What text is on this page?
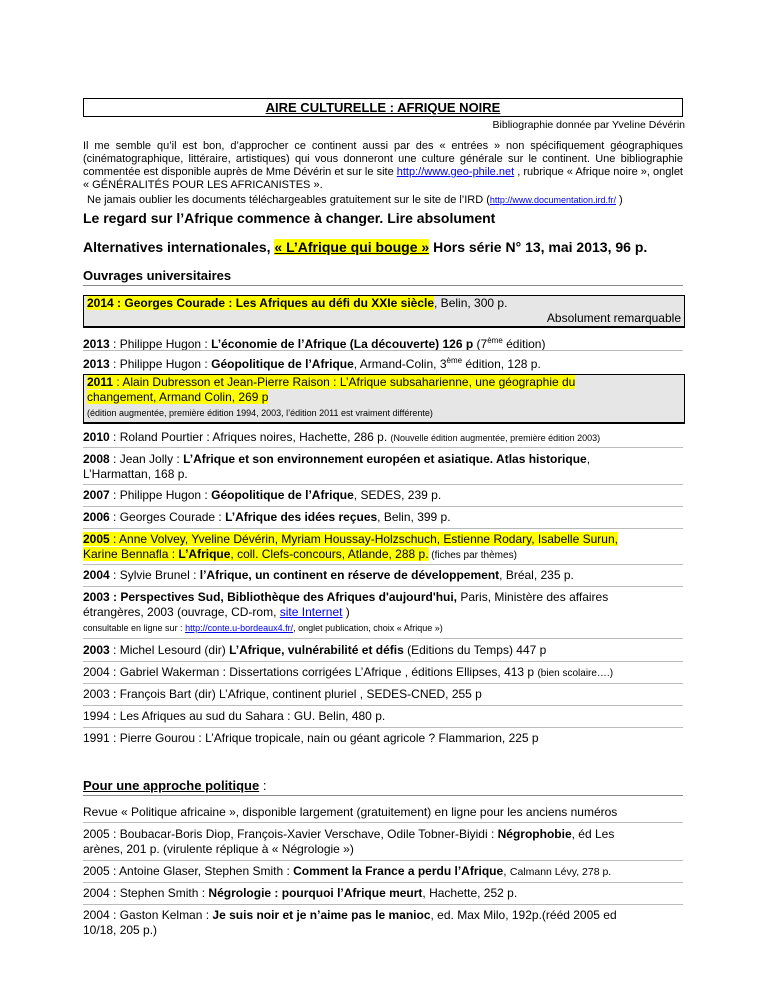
AIRE CULTURELLE : AFRIQUE NOIRE
Bibliographie donnée par Yveline Dévérin
Il me semble qu’il est bon, d’approcher ce continent aussi par des « entrées » non spécifiquement géographiques (cinématographique, littéraire, artistiques) qui vous donneront une culture générale sur le continent. Une bibliographie commentée est disponible auprès de Mme Dévérin et sur le site http://www.geo-phile.net , rubrique « Afrique noire », onglet « GÉNÉRALITÉS POUR LES AFRICANISTES ».
Ne jamais oublier les documents téléchargeables gratuitement sur le site de l’IRD (http://www.documentation.ird.fr/ )
Le regard sur l’Afrique commence à changer. Lire absolument
Alternatives internationales, « L’Afrique qui bouge » Hors série N° 13, mai 2013, 96 p.
Ouvrages universitaires
2014 : Georges Courade : Les Afriques au défi du XXIe siècle, Belin, 300 p.
Absolument remarquable
2013 : Philippe Hugon : L’économie de l’Afrique (La découverte) 126 p (7ème édition)
2013 : Philippe Hugon : Géopolitique de l’Afrique, Armand-Colin, 3ème édition, 128 p.
2011 : Alain Dubresson et Jean-Pierre Raison : L’Afrique subsaharienne, une géographie du
changement, Armand Colin, 269 p
(édition augmentée, première édition 1994, 2003, l’édition 2011 est vraiment différente)
2010 : Roland Pourtier : Afriques noires, Hachette, 286 p. (Nouvelle édition augmentée, première édition 2003)
2008 : Jean Jolly : L’Afrique et son environnement européen et asiatique. Atlas historique,
L’Harmattan, 168 p.
2007 : Philippe Hugon : Géopolitique de l’Afrique, SEDES, 239 p.
2006 : Georges Courade : L’Afrique des idées reçues, Belin, 399 p.
2005 : Anne Volvey, Yveline Dévérin, Myriam Houssay-Holzschuch, Estienne Rodary, Isabelle Surun,
Karine Bennafla : L’Afrique, coll. Clefs-concours, Atlande, 288 p. (fiches par thèmes)
2004 : Sylvie Brunel : l’Afrique, un continent en réserve de développement, Bréal, 235 p.
2003 : Perspectives Sud, Bibliothèque des Afriques d'aujourd'hui, Paris, Ministère des affaires
étrangères, 2003 (ouvrage, CD-rom, site Internet )
consultable en ligne sur : http://conte.u-bordeaux4.fr/, onglet publication, choix « Afrique »)
2003 : Michel Lesourd (dir) L’Afrique, vulnérabilité et défis (Editions du Temps) 447 p
2004 : Gabriel Wakerman : Dissertations corrigées L’Afrique , éditions Ellipses, 413 p (bien scolaire….)
2003 : François Bart (dir) L’Afrique, continent pluriel , SEDES-CNED, 255 p
1994 : Les Afriques au sud du Sahara : GU. Belin, 480 p.
1991 : Pierre Gourou : L’Afrique tropicale, nain ou géant agricole ? Flammarion, 225 p
Pour une approche politique :
Revue « Politique africaine », disponible largement (gratuitement) en ligne pour les anciens numéros
2005 : Boubacar-Boris Diop, François-Xavier Verschave, Odile Tobner-Biyidi : Négrophobie, éd Les
arènes, 201 p. (virulente réplique à « Négrologie »)
2005 : Antoine Glaser, Stephen Smith : Comment la France a perdu l’Afrique, Calmann Lévy, 278 p.
2004 : Stephen Smith : Négrologie : pourquoi l’Afrique meurt, Hachette, 252 p.
2004 : Gaston Kelman : Je suis noir et je n’aime pas le manioc, ed. Max Milo, 192p.(rééd 2005 ed
10/18, 205 p.)
